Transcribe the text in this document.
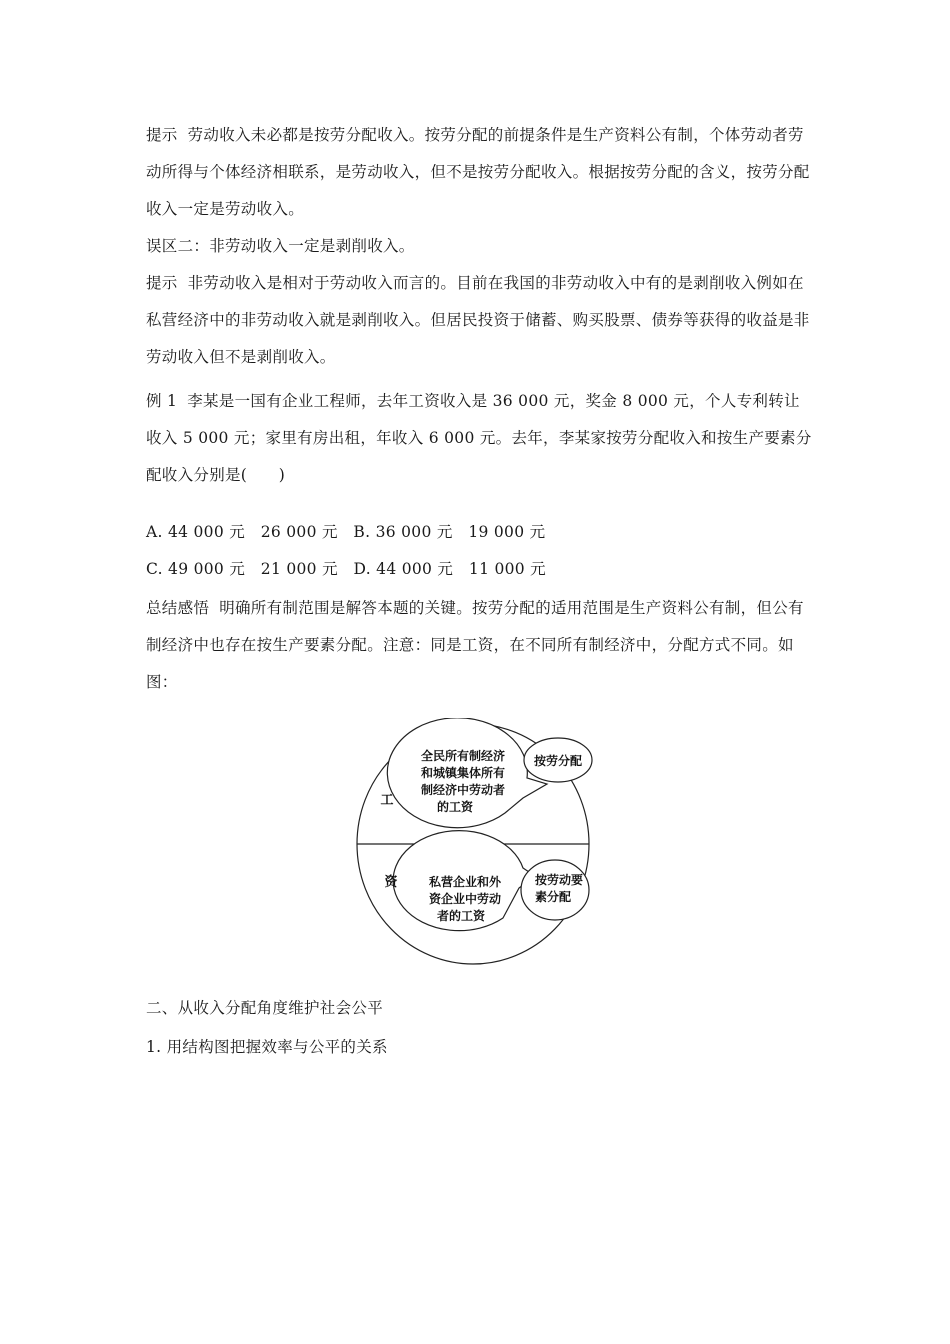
提示 劳动收入未必都是按劳分配收入。按劳分配的前提条件是生产资料公有制，个体劳动者劳动所得与个体经济相联系，是劳动收入，但不是按劳分配收入。根据按劳分配的含义，按劳分配收入一定是劳动收入。
误区二：非劳动收入一定是剥削收入。
提示 非劳动收入是相对于劳动收入而言的。目前在我国的非劳动收入中有的是剥削收入例如在私营经济中的非劳动收入就是剥削收入。但居民投资于储蓄、购买股票、债券等获得的收益是非劳动收入但不是剥削收入。
例 1 李某是一国有企业工程师，去年工资收入是 36 000 元，奖金 8 000 元，个人专利转让收入 5 000 元；家里有房出租，年收入 6 000 元。去年，李某家按劳分配收入和按生产要素分配收入分别是(　　)
A. 44 000 元   26 000 元   B. 36 000 元   19 000 元
C. 49 000 元   21 000 元   D. 44 000 元   11 000 元
总结感悟 明确所有制范围是解答本题的关键。按劳分配的适用范围是生产资料公有制，但公有制经济中也存在按生产要素分配。注意：同是工资，在不同所有制经济中，分配方式不同。如图：
工
资
全民所有制经济
和城镇集体所有
制经济中劳动者
的工资
按劳分配
私营企业和外
资企业中劳动
者的工资
按劳动要
素分配
二、从收入分配角度维护社会公平
1. 用结构图把握效率与公平的关系
